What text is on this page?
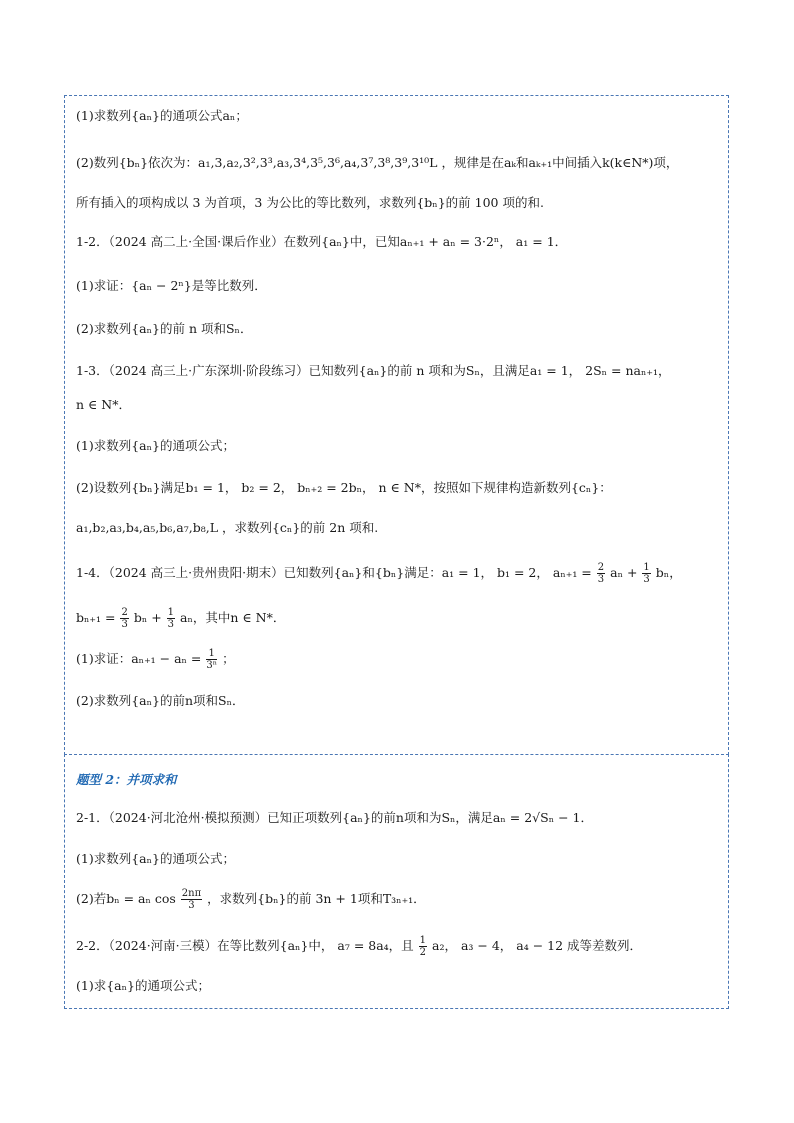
(1)求数列{aₙ}的通项公式aₙ；
(2)数列{bₙ}依次为：a₁,3,a₂,3²,3³,a₃,3⁴,3⁵,3⁶,a₄,3⁷,3⁸,3⁹,3¹⁰L ，规律是在aₖ和aₖ₊₁中间插入k(k∈N*)项，
所有插入的项构成以 3 为首项，3 为公比的等比数列，求数列{bₙ}的前 100 项的和.
1-2．（2024 高二上·全国·课后作业）在数列{aₙ}中，已知aₙ₊₁ + aₙ = 3·2ⁿ， a₁ = 1．
(1)求证：{aₙ − 2ⁿ}是等比数列．
(2)求数列{aₙ}的前 n 项和Sₙ．
1-3．（2024 高三上·广东深圳·阶段练习）已知数列{aₙ}的前 n 项和为Sₙ，且满足a₁ = 1， 2Sₙ = naₙ₊₁，
n ∈ N*．
(1)求数列{aₙ}的通项公式；
(2)设数列{bₙ}满足b₁ = 1， b₂ = 2， bₙ₊₂ = 2bₙ， n ∈ N*，按照如下规律构造新数列{cₙ}：
a₁,b₂,a₃,b₄,a₅,b₆,a₇,b₈,L ，求数列{cₙ}的前 2n 项和.
1-4．（2024 高三上·贵州贵阳·期末）已知数列{aₙ}和{bₙ}满足：a₁ = 1， b₁ = 2， $a_{n+1} = \frac{2}{3}$ $a_n + \frac{1}{3}$ bₙ，
$b_{n+1} = \frac{2}{3}$ $b_n + \frac{1}{3}$ aₙ，其中n ∈ N*．
(1)求证：$a_{n+1} - a_n = \frac{1}{\text{3ⁿ}}$ ；
(2)求数列{aₙ}的前n项和Sₙ．
题型 2：并项求和
2-1．（2024·河北沧州·模拟预测）已知正项数列{aₙ}的前n项和为Sₙ，满足aₙ = 2√Sₙ − 1．
(1)求数列{aₙ}的通项公式；
(2)若bₙ = aₙ $\cos \frac{2n\pi}{3}$ ，求数列{bₙ}的前 3n + 1项和T₃ₙ₊₁．
2-2．（2024·河南·三模）在等比数列{aₙ}中， a₇ = 8a₄，且 $\frac{1}{2} a_2$， a₃ − 4， a₄ − 12 成等差数列．
(1)求{aₙ}的通项公式；
